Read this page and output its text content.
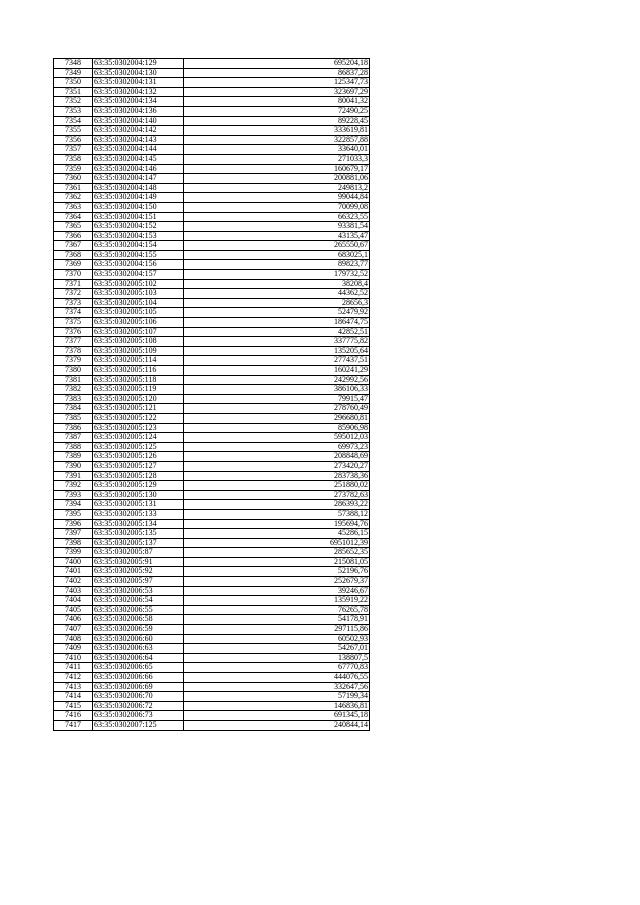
7348	63:35:0302004:129	695204,18
7349	63:35:0302004:130	86837,28
7350	63:35:0302004:131	125347,73
7351	63:35:0302004:132	323697,29
7352	63:35:0302004:134	80041,32
7353	63:35:0302004:136	72490,25
7354	63:35:0302004:140	89228,45
7355	63:35:0302004:142	333619,81
7356	63:35:0302004:143	322857,88
7357	63:35:0302004:144	33640,01
7358	63:35:0302004:145	271033,3
7359	63:35:0302004:146	160679,17
7360	63:35:0302004:147	200881,06
7361	63:35:0302004:148	249813,2
7362	63:35:0302004:149	99044,84
7363	63:35:0302004:150	70099,08
7364	63:35:0302004:151	66323,55
7365	63:35:0302004:152	93381,54
7366	63:35:0302004:153	43135,47
7367	63:35:0302004:154	265550,67
7368	63:35:0302004:155	683025,1
7369	63:35:0302004:156	89823,77
7370	63:35:0302004:157	179732,52
7371	63:35:0302005:102	38208,4
7372	63:35:0302005:103	44362,52
7373	63:35:0302005:104	28656,3
7374	63:35:0302005:105	52479,92
7375	63:35:0302005:106	186474,75
7376	63:35:0302005:107	42852,51
7377	63:35:0302005:108	337775,82
7378	63:35:0302005:109	135205,64
7379	63:35:0302005:114	277437,51
7380	63:35:0302005:116	160241,29
7381	63:35:0302005:118	242992,56
7382	63:35:0302005:119	386106,33
7383	63:35:0302005:120	79915,47
7384	63:35:0302005:121	278760,49
7385	63:35:0302005:122	296680,81
7386	63:35:0302005:123	85906,98
7387	63:35:0302005:124	595012,03
7388	63:35:0302005:125	69973,23
7389	63:35:0302005:126	208848,69
7390	63:35:0302005:127	273420,27
7391	63:35:0302005:128	283738,36
7392	63:35:0302005:129	251880,02
7393	63:35:0302005:130	273782,63
7394	63:35:0302005:131	286393,22
7395	63:35:0302005:133	57388,12
7396	63:35:0302005:134	195694,76
7397	63:35:0302005:135	45286,15
7398	63:35:0302005:137	6951012,39
7399	63:35:0302005:87	285652,35
7400	63:35:0302005:91	215081,05
7401	63:35:0302005:92	52196,76
7402	63:35:0302005:97	252679,37
7403	63:35:0302006:53	39246,67
7404	63:35:0302006:54	135919,22
7405	63:35:0302006:55	76265,78
7406	63:35:0302006:58	54178,91
7407	63:35:0302006:59	297115,86
7408	63:35:0302006:60	60502,93
7409	63:35:0302006:63	54267,01
7410	63:35:0302006:64	138807,5
7411	63:35:0302006:65	67770,83
7412	63:35:0302006:66	444076,55
7413	63:35:0302006:69	332647,56
7414	63:35:0302006:70	57199,34
7415	63:35:0302006:72	146836,81
7416	63:35:0302006:73	691345,18
7417	63:35:0302007:125	240844,14
